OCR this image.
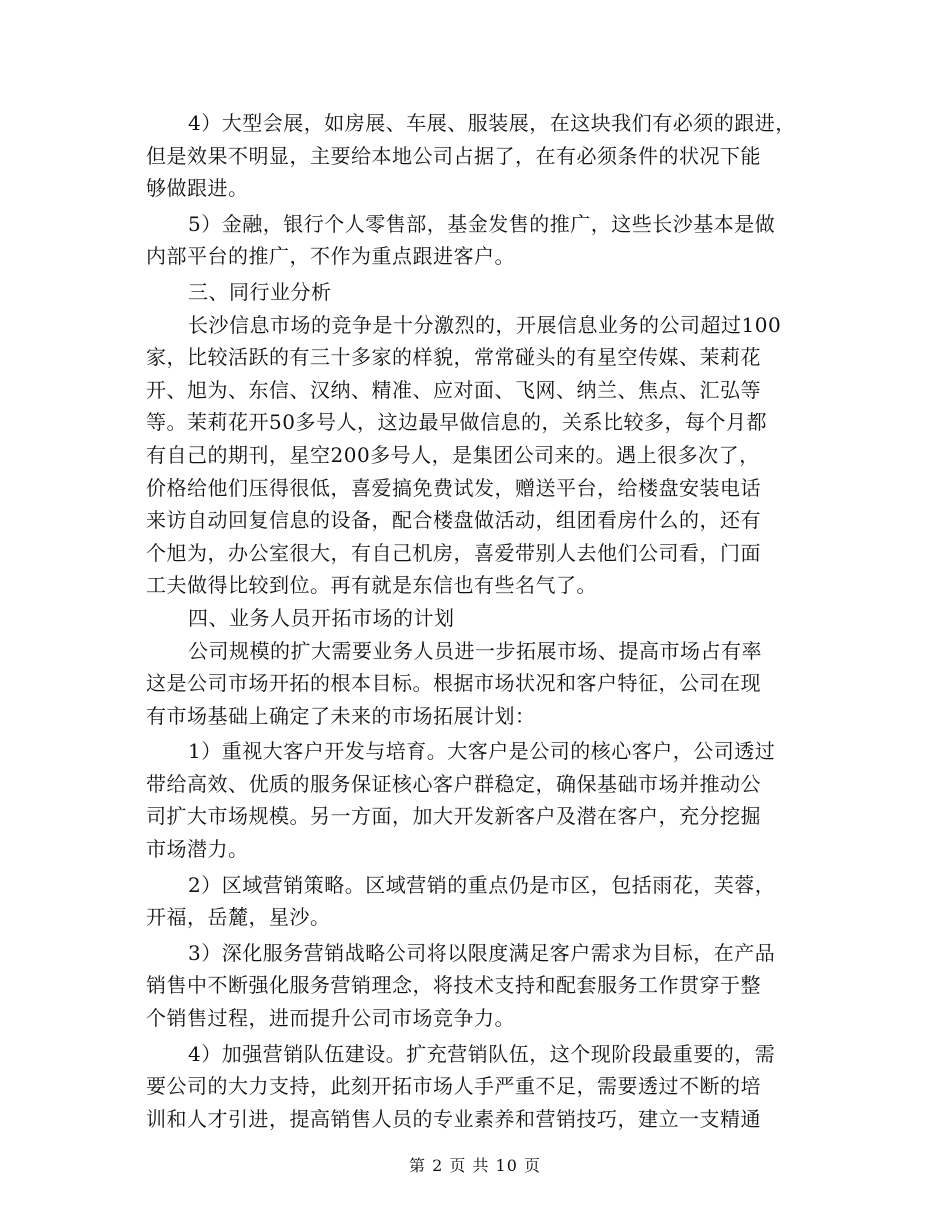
4）大型会展，如房展、车展、服装展，在这块我们有必须的跟进，
但是效果不明显，主要给本地公司占据了，在有必须条件的状况下能
够做跟进。

5）金融，银行个人零售部，基金发售的推广，这些长沙基本是做
内部平台的推广，不作为重点跟进客户。

三、同行业分析

长沙信息市场的竞争是十分激烈的，开展信息业务的公司超过100
家，比较活跃的有三十多家的样貌，常常碰头的有星空传媒、茉莉花
开、旭为、东信、汉纳、精准、应对面、飞网、纳兰、焦点、汇弘等
等。茉莉花开50多号人，这边最早做信息的，关系比较多，每个月都
有自己的期刊，星空200多号人，是集团公司来的。遇上很多次了，
价格给他们压得很低，喜爱搞免费试发，赠送平台，给楼盘安装电话
来访自动回复信息的设备，配合楼盘做活动，组团看房什么的，还有
个旭为，办公室很大，有自己机房，喜爱带别人去他们公司看，门面
工夫做得比较到位。再有就是东信也有些名气了。

四、业务人员开拓市场的计划

公司规模的扩大需要业务人员进一步拓展市场、提高市场占有率
这是公司市场开拓的根本目标。根据市场状况和客户特征，公司在现
有市场基础上确定了未来的市场拓展计划：

1）重视大客户开发与培育。大客户是公司的核心客户，公司透过
带给高效、优质的服务保证核心客户群稳定，确保基础市场并推动公
司扩大市场规模。另一方面，加大开发新客户及潜在客户，充分挖掘
市场潜力。

2）区域营销策略。区域营销的重点仍是市区，包括雨花，芙蓉，
开福，岳麓，星沙。

3）深化服务营销战略公司将以限度满足客户需求为目标，在产品
销售中不断强化服务营销理念，将技术支持和配套服务工作贯穿于整
个销售过程，进而提升公司市场竞争力。

4）加强营销队伍建设。扩充营销队伍，这个现阶段最重要的，需
要公司的大力支持，此刻开拓市场人手严重不足，需要透过不断的培
训和人才引进，提高销售人员的专业素养和营销技巧，建立一支精通

第 2 页 共 10 页
